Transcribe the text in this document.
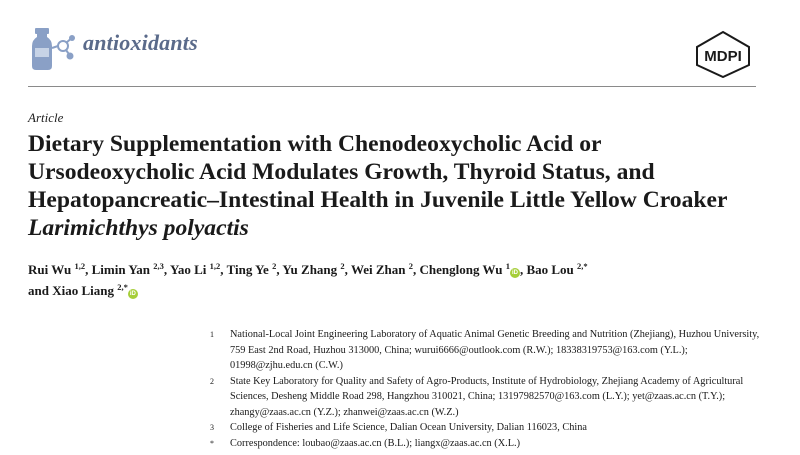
antioxidants
MDPI
Article
Dietary Supplementation with Chenodeoxycholic Acid or Ursodeoxycholic Acid Modulates Growth, Thyroid Status, and Hepatopancreatic–Intestinal Health in Juvenile Little Yellow Croaker Larimichthys polyactis
Rui Wu $^{1,2}$, Limin Yan $^{2,3}$, Yao Li $^{1,2}$, Ting Ye $^2$, Yu Zhang $^2$, Wei Zhan $^2$, Chenglong Wu $^1$iD , Bao Lou $^{2,*}$
and Xiao Liang $^{2,*}$iD
1 National-Local Joint Engineering Laboratory of Aquatic Animal Genetic Breeding and Nutrition (Zhejiang), Huzhou University, 759 East 2nd Road, Huzhou 313000, China; wurui6666@outlook.com (R.W.); 18338319753@163.com (Y.L.); 01998@zjhu.edu.cn (C.W.)
2 State Key Laboratory for Quality and Safety of Agro-Products, Institute of Hydrobiology, Zhejiang Academy of Agricultural Sciences, Desheng Middle Road 298, Hangzhou 310021, China; 13197982570@163.com (L.Y.); yet@zaas.ac.cn (T.Y.); zhangy@zaas.ac.cn (Y.Z.); zhanwei@zaas.ac.cn (W.Z.)
3 College of Fisheries and Life Science, Dalian Ocean University, Dalian 116023, China
* Correspondence: loubao@zaas.ac.cn (B.L.); liangx@zaas.ac.cn (X.L.)
